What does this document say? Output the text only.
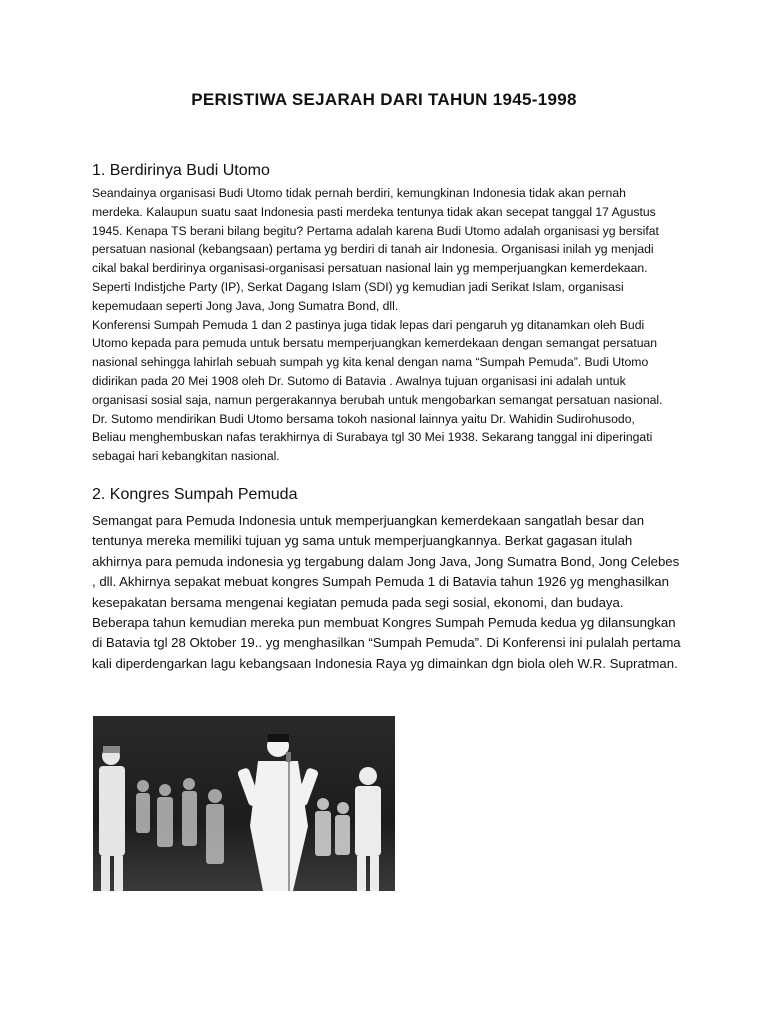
PERISTIWA SEJARAH DARI TAHUN 1945-1998
1. Berdirinya Budi Utomo

Seandainya organisasi Budi Utomo tidak pernah berdiri, kemungkinan Indonesia tidak akan pernah merdeka. Kalaupun suatu saat Indonesia pasti merdeka tentunya tidak akan secepat tanggal 17 Agustus 1945. Kenapa TS berani bilang begitu? Pertama adalah karena Budi Utomo adalah organisasi yg bersifat persatuan nasional (kebangsaan) pertama yg berdiri di tanah air Indonesia. Organisasi inilah yg menjadi cikal bakal berdirinya organisasi-organisasi persatuan nasional lain yg memperjuangkan kemerdekaan. Seperti Indistjche Party (IP), Serkat Dagang Islam (SDI) yg kemudian jadi Serikat Islam, organisasi kepemudaan seperti Jong Java, Jong Sumatra Bond, dll.

Konferensi Sumpah Pemuda 1 dan 2 pastinya juga tidak lepas dari pengaruh yg ditanamkan oleh Budi Utomo kepada para pemuda untuk bersatu memperjuangkan kemerdekaan dengan semangat persatuan nasional sehingga lahirlah sebuah sumpah yg kita kenal dengan nama “Sumpah Pemuda”. Budi Utomo didirikan pada 20 Mei 1908 oleh Dr. Sutomo di Batavia . Awalnya tujuan organisasi ini adalah untuk organisasi sosial saja, namun pergerakannya berubah untuk mengobarkan semangat persatuan nasional. Dr. Sutomo mendirikan Budi Utomo bersama tokoh nasional lainnya yaitu Dr. Wahidin Sudirohusodo, Beliau menghembuskan nafas terakhirnya di Surabaya tgl 30 Mei 1938. Sekarang tanggal ini diperingati sebagai hari kebangkitan nasional.

2. Kongres Sumpah Pemuda

Semangat para Pemuda Indonesia untuk memperjuangkan kemerdekaan sangatlah besar dan tentunya mereka memiliki tujuan yg sama untuk memperjuangkannya. Berkat gagasan itulah akhirnya para pemuda indonesia yg tergabung dalam Jong Java, Jong Sumatra Bond, Jong Celebes , dll. Akhirnya sepakat mebuat kongres Sumpah Pemuda 1 di Batavia tahun 1926 yg menghasilkan kesepakatan bersama mengenai kegiatan pemuda pada segi sosial, ekonomi, dan budaya.

Beberapa tahun kemudian mereka pun membuat Kongres Sumpah Pemuda kedua yg dilansungkan di Batavia tgl 28 Oktober 19.. yg menghasilkan “Sumpah Pemuda”. Di Konferensi ini pulalah pertama kali diperdengarkan lagu kebangsaan Indonesia Raya yg dimainkan dgn biola oleh W.R. Supratman.
